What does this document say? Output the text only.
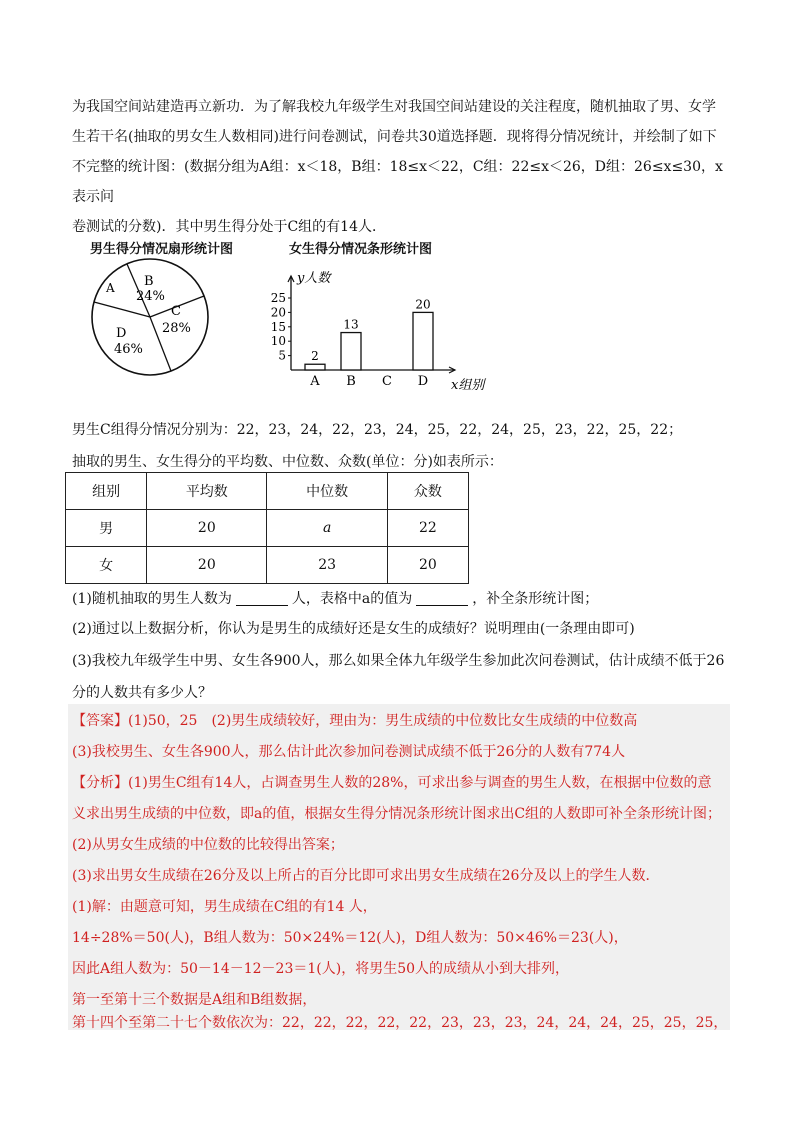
为我国空间站建造再立新功．为了解我校九年级学生对我国空间站建设的关注程度，随机抽取了男、女学

生若干名(抽取的男女生人数相同)进行问卷测试，问卷共30道选择题．现将得分情况统计，并绘制了如下

不完整的统计图：(数据分组为A组：x＜18，B组：18≤x＜22，C组：22≤x＜26，D组：26≤x≤30，x 表示问

卷测试的分数)．其中男生得分处于C组的有14人．

男生得分情况扇形统计图
A B
24%
C
28%
D
46%
女生得分情况条形统计图
y人数
x组别
5
10
15
20
25
2
A
13
B C
20
D
男生C组得分情况分别为：22，23，24，22，23，24，25，22，24，25，23，22，25，22；
抽取的男生、女生得分的平均数、中位数、众数(单位：分)如表所示：
组别	平均数	中位数	众数
男	20	a	22
女	20	23	20
(1)随机抽取的男生人数为	人，表格中a的值为	，补全条形统计图；
(2)通过以上数据分析，你认为是男生的成绩好还是女生的成绩好？说明理由(一条理由即可)
(3)我校九年级学生中男、女生各900人，那么如果全体九年级学生参加此次问卷测试，估计成绩不低于26
分的人数共有多少人？
【答案】(1)50，25　(2)男生成绩较好，理由为：男生成绩的中位数比女生成绩的中位数高
(3)我校男生、女生各900人，那么估计此次参加问卷测试成绩不低于26分的人数有774人
【分析】(1)男生C组有14人，占调查男生人数的28%，可求出参与调查的男生人数，在根据中位数的意
义求出男生成绩的中位数，即a的值，根据女生得分情况条形统计图求出C组的人数即可补全条形统计图；
(2)从男女生成绩的中位数的比较得出答案；
(3)求出男女生成绩在26分及以上所占的百分比即可求出男女生成绩在26分及以上的学生人数．
(1)解：由题意可知，男生成绩在C组的有14 人，
14÷28%＝50(人)，B组人数为：50×24%＝12(人)，D组人数为：50×46%＝23(人)，
因此A组人数为：50－14－12－23＝1(人)，将男生50人的成绩从小到大排列，
第一至第十三个数据是A组和B组数据，
第十四个至第二十七个数依次为：22，22，22，22，22，23，23，23，24，24，24，25，25，25，
